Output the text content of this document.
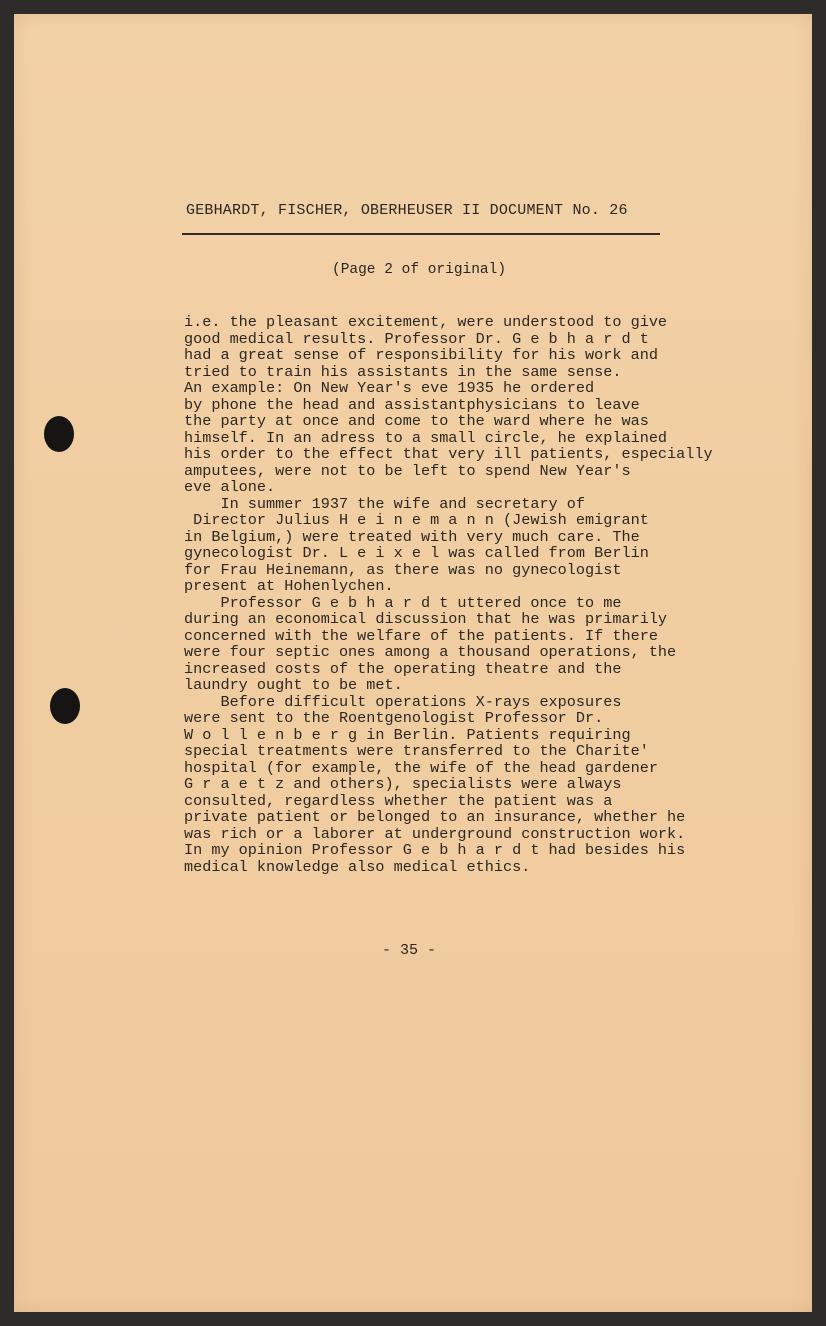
GEBHARDT, FISCHER, OBERHEUSER II DOCUMENT No. 26
(Page 2 of original)
i.e. the pleasant excitement, were understood to give
good medical results. Professor Dr. G e b h a r d t
had a great sense of responsibility for his work and
tried to train his assistants in the same sense.
An example: On New Year's eve 1935 he ordered
by phone the head and assistantphysicians to leave
the party at once and come to the ward where he was
himself. In an adress to a small circle, he explained
his order to the effect that very ill patients, especially
amputees, were not to be left to spend New Year's
eve alone.
In summer 1937 the wife and secretary of
Director Julius H e i n e m a n n (Jewish emigrant
in Belgium,) were treated with very much care. The
gynecologist Dr. L e i x e l was called from Berlin
for Frau Heinemann, as there was no gynecologist
present at Hohenlychen.
Professor G e b h a r d t uttered once to me
during an economical discussion that he was primarily
concerned with the welfare of the patients. If there
were four septic ones among a thousand operations, the
increased costs of the operating theatre and the
laundry ought to be met.
Before difficult operations X-rays exposures
were sent to the Roentgenologist Professor Dr.
W o l l e n b e r g in Berlin. Patients requiring
special treatments were transferred to the Charite'
hospital (for example, the wife of the head gardener
G r a e t z and others), specialists were always
consulted, regardless whether the patient was a
private patient or belonged to an insurance, whether he
was rich or a laborer at underground construction work.
In my opinion Professor G e b h a r d t had besides his
medical knowledge also medical ethics.
- 35 -
